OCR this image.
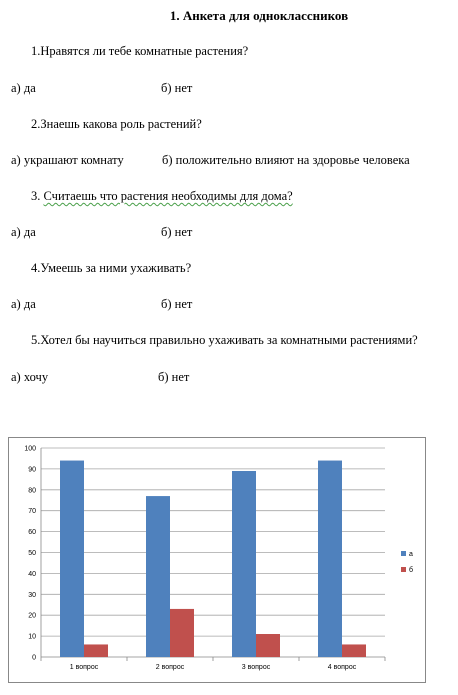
1. Анкета для одноклассников
1.Нравятся ли тебе комнатные растения?
а) да	б) нет
2.Знаешь какова роль растений?
а) украшают комнату	б) положительно влияют на здоровье человека
3. Считаешь что растения необходимы для дома?
а) да	б) нет
4.Умеешь за ними ухаживать?
а) да	б) нет
5.Хотел бы научиться правильно ухаживать за комнатными растениями?
а) хочу	б) нет
0
10
20
30
40
50
60
70
80
90
100
1 вопрос	2 вопрос	3 вопрос	4 вопрос
а
б
